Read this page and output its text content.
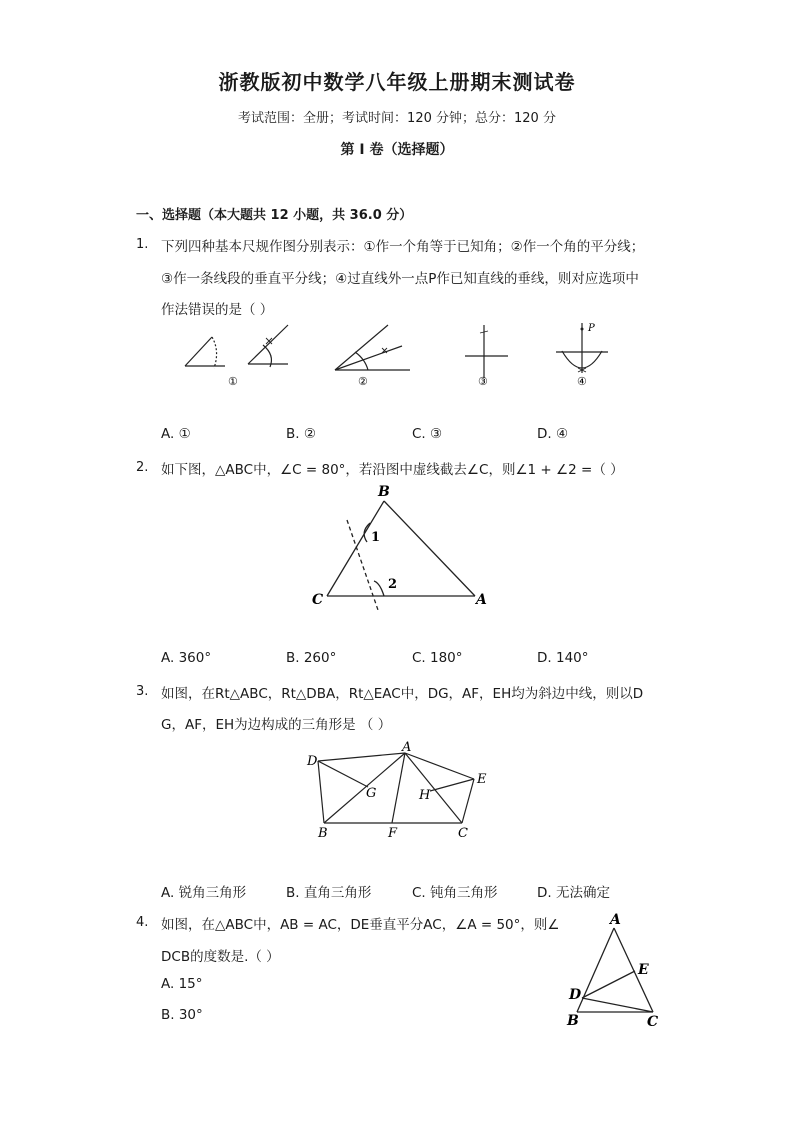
浙教版初中数学八年级上册期末测试卷
考试范围：全册；考试时间：120 分钟；总分：120 分
第 I 卷（选择题）
一、选择题（本大题共 12 小题，共 36.0 分）
1. 下列四种基本尺规作图分别表示：①作一个角等于已知角；②作一个角的平分线；
③作一条线段的垂直平分线；④过直线外一点P作已知直线的垂线，则对应选项中
作法错误的是（ ）
P
①	②	③	④
A. ①	B. ②	C. ③	D. ④
2. 如下图，△ABC中，∠C = 80°，若沿图中虚线截去∠C，则∠1 + ∠2 =（ ）
B
1
2
C	A
A. 360°	B. 260°	C. 180°	D. 140°
3. 如图，在Rt△ABC，Rt△DBA，Rt△EAC中，DG，AF，EH均为斜边中线，则以D
G，AF，EH为边构成的三角形是 （ ）
D
A
E
G	H
B	F	C
A. 锐角三角形	B. 直角三角形	C. 钝角三角形	D. 无法确定
4. 如图，在△ABC中，AB = AC，DE垂直平分AC，∠A = 50°，则∠
DCB的度数是.（ ）
A. 15°
B. 30°
A
E
D
B	C
